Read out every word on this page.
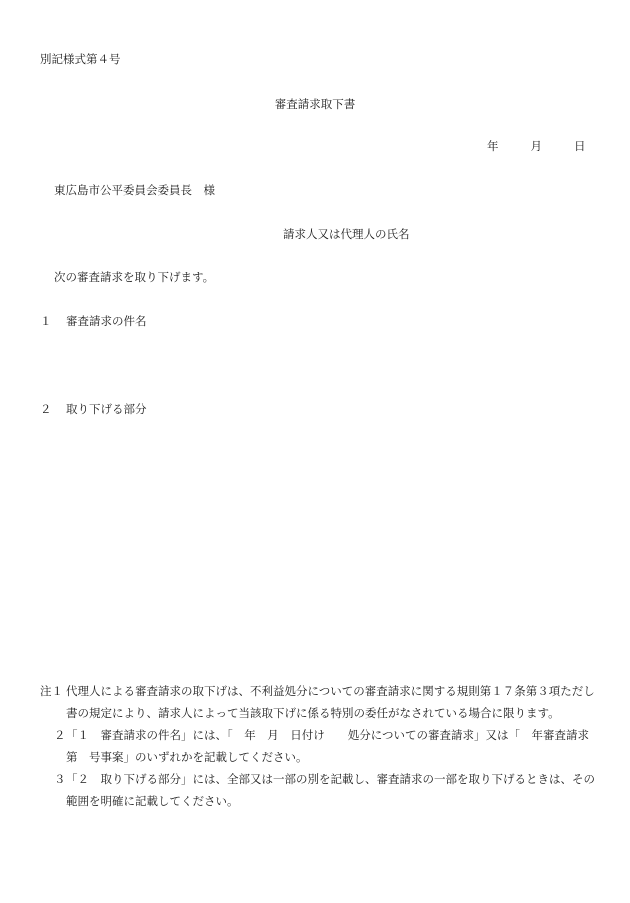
別記様式第４号
審査請求取下書
年	月	日
東広島市公平委員会委員長　様
請求人又は代理人の氏名
次の審査請求を取り下げます。
１ 審査請求の件名
２ 取り下げる部分
注１ 代理人による審査請求の取下げは、不利益処分についての審査請求に関する規則第１７条第３項ただし書の規定により、請求人によって当該取下げに係る特別の委任がなされている場合に限ります。
２ 「１　審査請求の件名」には、「　年　月　日付け　　処分についての審査請求」又は「　年審査請求第　号事案」のいずれかを記載してください。
３ 「２　取り下げる部分」には、全部又は一部の別を記載し、審査請求の一部を取り下げるときは、その範囲を明確に記載してください。
